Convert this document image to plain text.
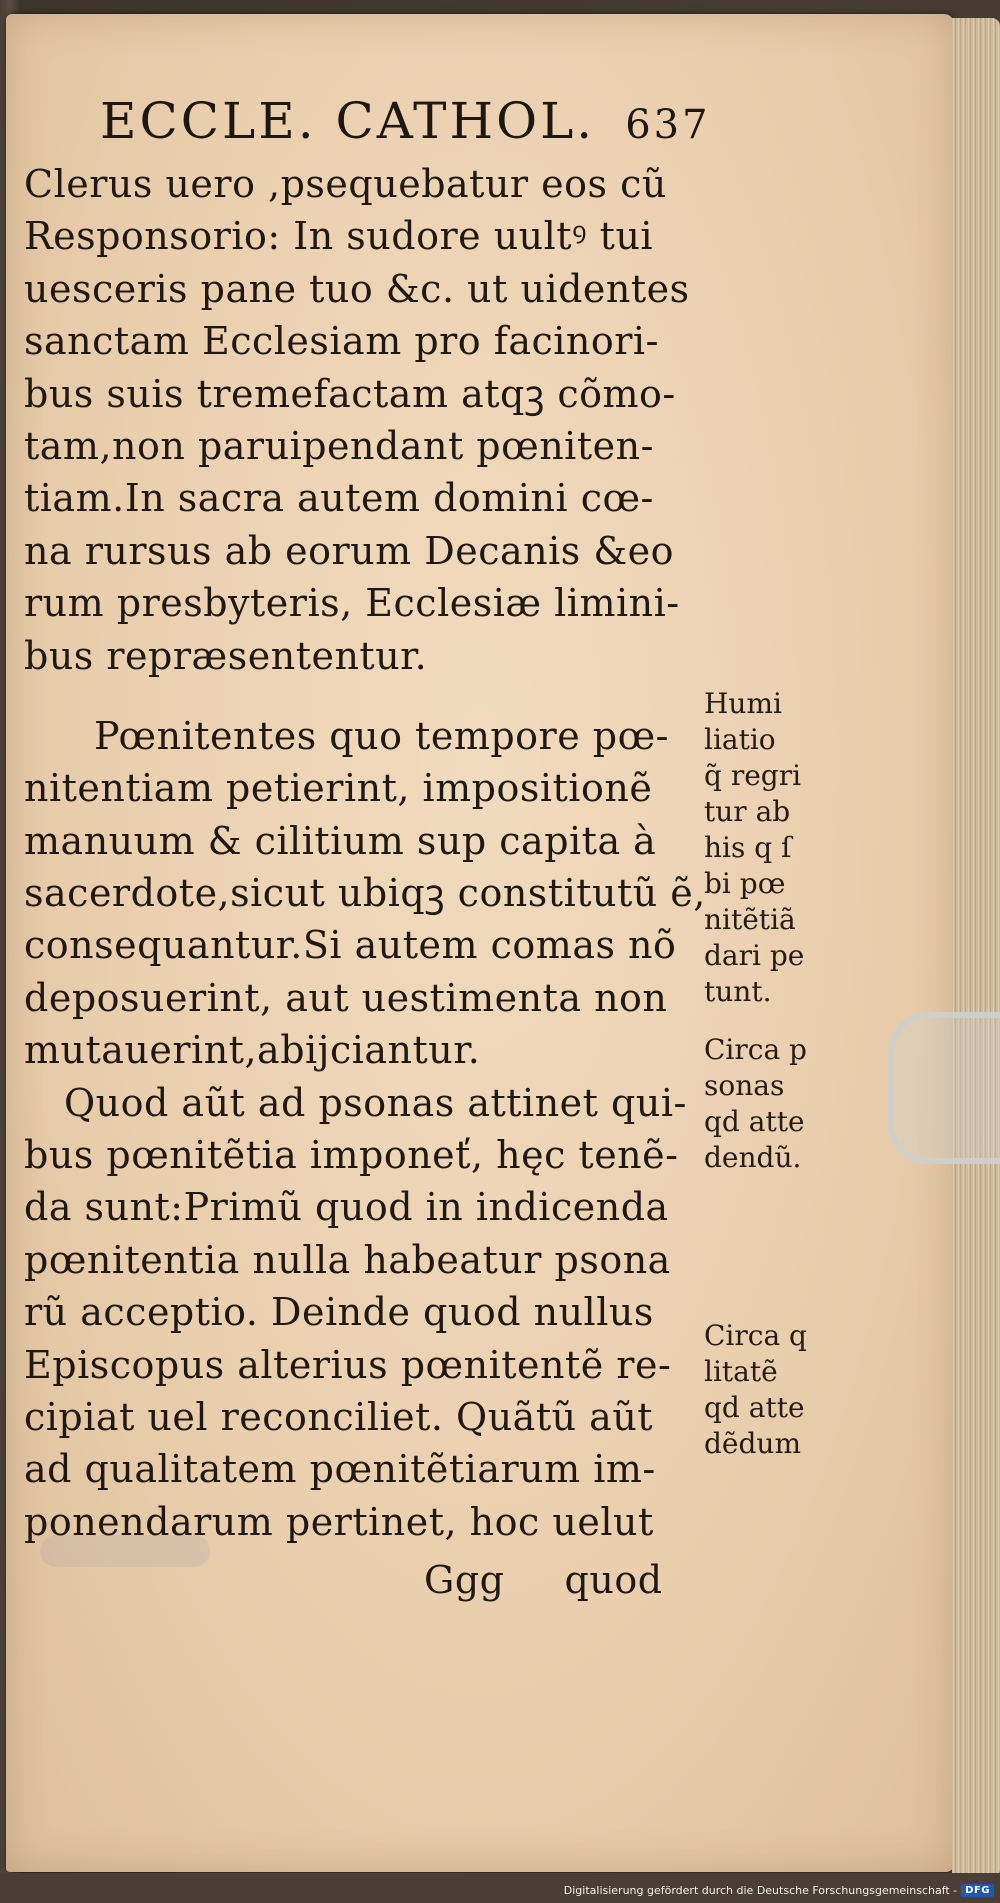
ECCLE. CATHOL. 637
Clerus uero ,psequebatur eos cũ
Responsorio: In sudore uultꝰ tui
uesceris pane tuo &c. ut uidentes
sanctam Ecclesiam pro facinori-
bus suis tremefactam atqꝫ cõmo-
tam,non paruipendant pœniten-
tiam.In sacra autem domini cœ-
na rursus ab eorum Decanis &eo
rum presbyteris, Ecclesiæ limini-
bus repræsententur.
Pœnitentes quo tempore pœ-
nitentiam petierint, impositionẽ
manuum & cilitium sup capita à
sacerdote,sicut ubiqꝫ constitutũ ẽ,
consequantur.Si autem comas nõ
deposuerint, aut uestimenta non
mutauerint,abijciantur.
Quod aũt ad psonas attinet qui-
bus pœnitẽtia imponeť, hęc tenẽ-
da sunt:Primũ quod in indicenda
pœnitentia nulla habeatur psona
rũ acceptio. Deinde quod nullus
Episcopus alterius pœnitentẽ re-
cipiat uel reconciliet. Quãtũ aũt
ad qualitatem pœnitẽtiarum im-
ponendarum pertinet, hoc uelut
Ggg quod
Humi
liatio
q̃ regri
tur ab
his q ſ
bi pœ
nitẽtiã
dari pe
tunt.
Circa p
sonas
qd atte
dendũ.
Circa q
litatẽ
qd atte
dẽdum
Digitalisierung gefördert durch die Deutsche Forschungsgemeinschaft - DFG
